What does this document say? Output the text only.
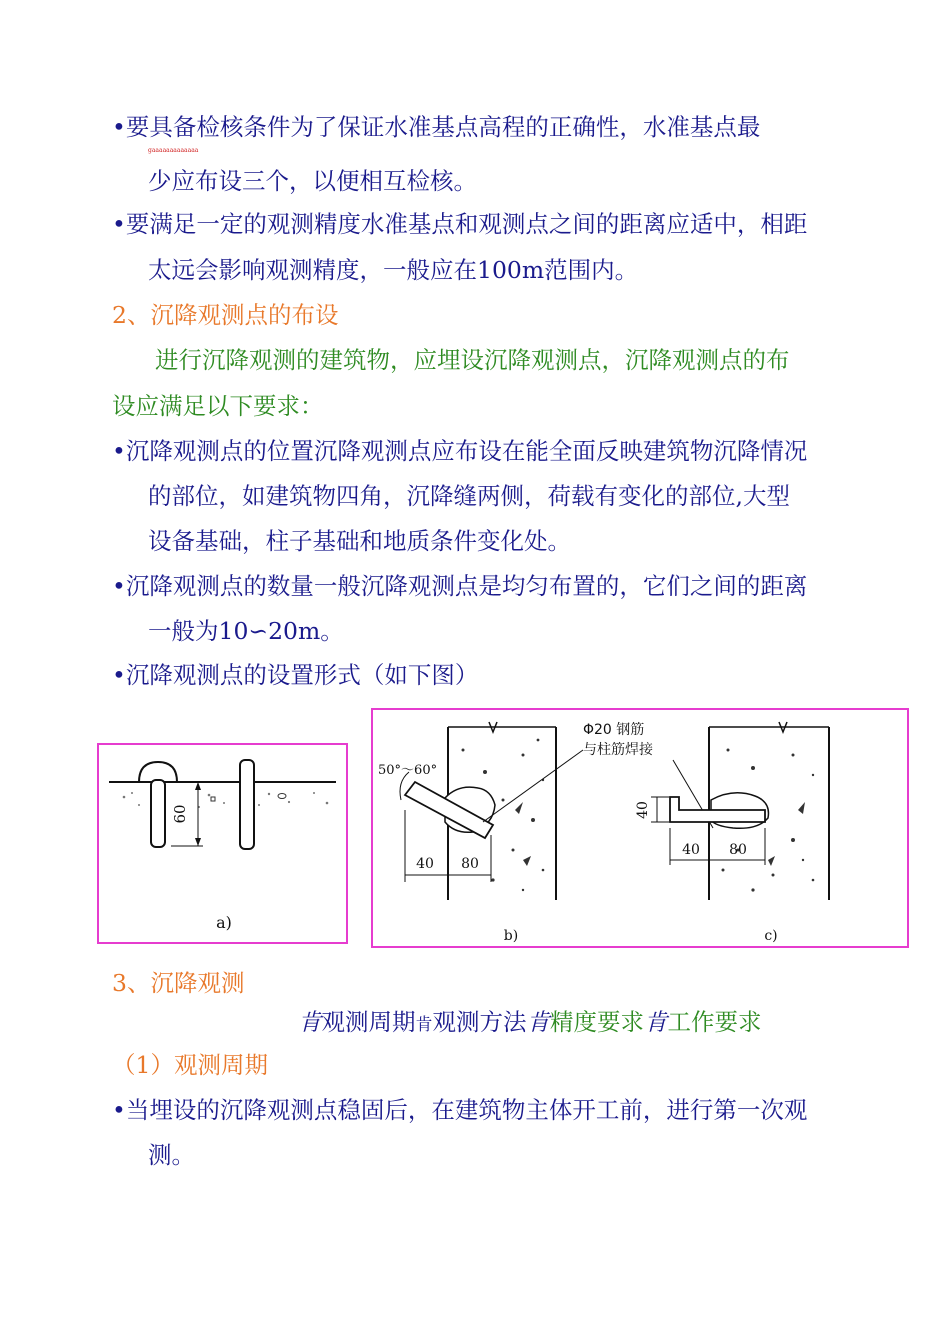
•要具备检核条件为了保证水准基点高程的正确性，水准基点最
gaaaaaaaaaaaaa
少应布设三个，以便相互检核。
•要满足一定的观测精度水准基点和观测点之间的距离应适中，相距
太远会影响观测精度，一般应在100m范围内。
2、沉降观测点的布设
进行沉降观测的建筑物，应埋设沉降观测点，沉降观测点的布
设应满足以下要求：
•沉降观测点的位置沉降观测点应布设在能全面反映建筑物沉降情况
的部位，如建筑物四角，沉降缝两侧，荷载有变化的部位,大型
设备基础，柱子基础和地质条件变化处。
•沉降观测点的数量一般沉降观测点是均匀布置的，它们之间的距离
一般为10∽20m。
•沉降观测点的设置形式（如下图）
60
a)
50°～60°
40 80
b)
Φ20 钢筋
与柱筋焊接
40
40 80
c)
3、沉降观测
肯观测周期肯观测方法肯精度要求肯工作要求
（1）观测周期
•当埋设的沉降观测点稳固后，在建筑物主体开工前，进行第一次观
测。
